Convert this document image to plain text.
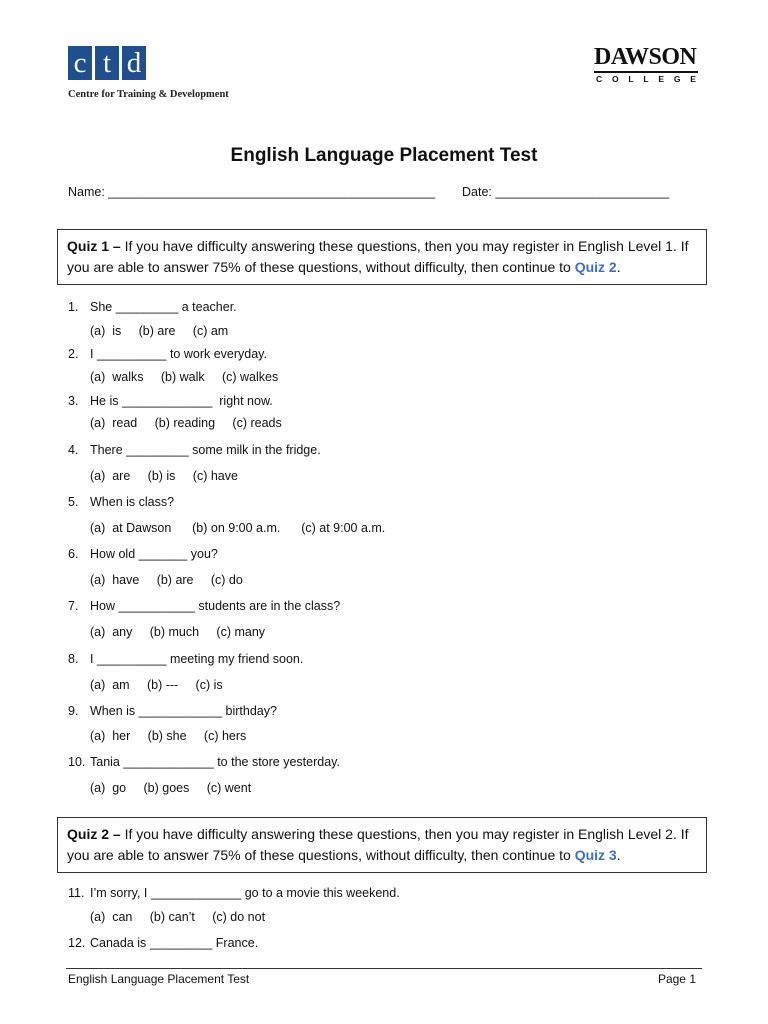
c t d
Centre for Training & Development
DAWSON
C O L L E G E
English Language Placement Test
Name: _______________________________________________ Date: _________________________
Quiz 1 – If you have difficulty answering these questions, then you may register in English Level 1. If you are able to answer 75% of these questions, without difficulty, then continue to Quiz 2.
1. She _________ a teacher.
(a)  is     (b) are     (c) am
2. I __________ to work everyday.
(a)  walks     (b) walk     (c) walkes
3. He is _____________  right now.
(a)  read     (b) reading     (c) reads
4. There _________ some milk in the fridge.
(a)  are     (b) is     (c) have
5. When is class?
(a)  at Dawson      (b) on 9:00 a.m.      (c) at 9:00 a.m.
6. How old _______ you?
(a)  have     (b) are     (c) do
7. How ___________ students are in the class?
(a)  any     (b) much     (c) many
8. I __________ meeting my friend soon.
(a)  am     (b) ---     (c) is
9. When is ____________ birthday?
(a)  her     (b) she     (c) hers
10. Tania _____________ to the store yesterday.
(a)  go     (b) goes     (c) went
Quiz 2 – If you have difficulty answering these questions, then you may register in English Level 2. If you are able to answer 75% of these questions, without difficulty, then continue to Quiz 3.
11. I’m sorry, I _____________ go to a movie this weekend.
(a)  can     (b) can’t     (c) do not
12. Canada is _________ France.
English Language Placement Test	Page 1
